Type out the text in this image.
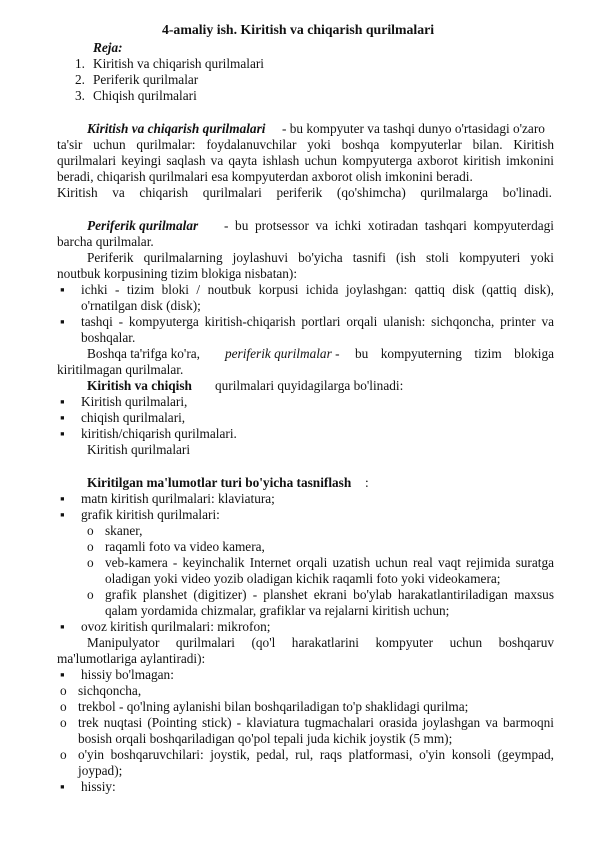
4-amaliy ish. Kiritish va chiqarish qurilmalari
Reja:
1. Kiritish va chiqarish qurilmalari
2. Periferik qurilmalar
3. Chiqish qurilmalari
Kiritish va chiqarish qurilmalari - bu kompyuter va tashqi dunyo o'rtasidagi o'zaro
ta'sir uchun qurilmalar: foydalanuvchilar yoki boshqa kompyuterlar bilan. Kiritish
qurilmalari keyingi saqlash va qayta ishlash uchun kompyuterga axborot kiritish imkonini
beradi, chiqarish qurilmalari esa kompyuterdan axborot olish imkonini beradi.
Kiritish va chiqarish qurilmalari periferik (qo'shimcha) qurilmalarga bo'linadi.
Periferik qurilmalar - bu protsessor va ichki xotiradan tashqari kompyuterdagi
barcha qurilmalar.
Periferik qurilmalarning joylashuvi bo'yicha tasnifi (ish stoli kompyuteri yoki
noutbuk korpusining tizim blokiga nisbatan):
▪ ichki - tizim bloki / noutbuk korpusi ichida joylashgan: qattiq disk (qattiq disk),
o'rnatilgan disk (disk);
▪ tashqi - kompyuterga kiritish-chiqarish portlari orqali ulanish: sichqoncha, printer va
boshqalar.
Boshqa ta'rifga ko'ra, periferik qurilmalar - bu kompyuterning tizim blokiga
kiritilmagan qurilmalar.
Kiritish va chiqish qurilmalari quyidagilarga bo'linadi:
▪ Kiritish qurilmalari,
▪ chiqish qurilmalari,
▪ kiritish/chiqarish qurilmalari.
Kiritish qurilmalari
Kiritilgan ma'lumotlar turi bo'yicha tasniflash :
▪ matn kiritish qurilmalari: klaviatura;
▪ grafik kiritish qurilmalari:
o skaner,
o raqamli foto va video kamera,
o veb-kamera - keyinchalik Internet orqali uzatish uchun real vaqt rejimida suratga
oladigan yoki video yozib oladigan kichik raqamli foto yoki videokamera;
o grafik planshet (digitizer) - planshet ekrani bo'ylab harakatlantiriladigan maxsus
qalam yordamida chizmalar, grafiklar va rejalarni kiritish uchun;
▪ ovoz kiritish qurilmalari: mikrofon;
Manipulyator qurilmalari (qo'l harakatlarini kompyuter uchun boshqaruv
ma'lumotlariga aylantiradi):
▪ hissiy bo'lmagan:
o sichqoncha,
o trekbol - qo'lning aylanishi bilan boshqariladigan to'p shaklidagi qurilma;
o trek nuqtasi (Pointing stick) - klaviatura tugmachalari orasida joylashgan va barmoqni
bosish orqali boshqariladigan qo'pol tepali juda kichik joystik (5 mm);
o o'yin boshqaruvchilari: joystik, pedal, rul, raqs platformasi, o'yin konsoli (geympad,
joypad);
▪ hissiy:
